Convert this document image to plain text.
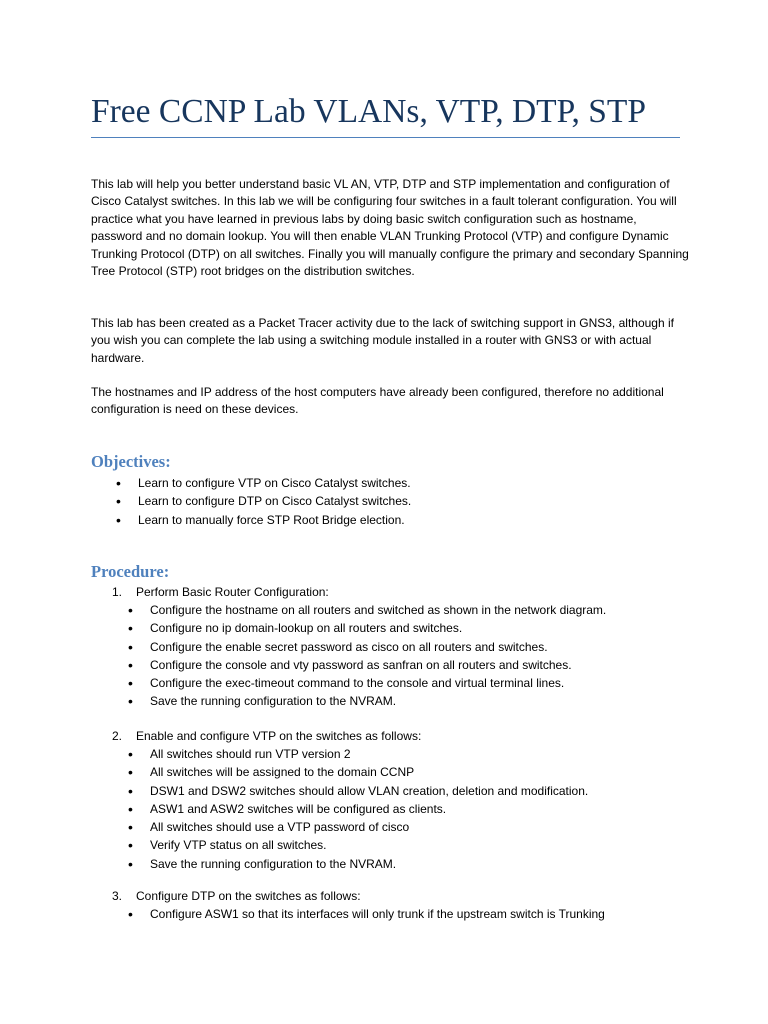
Free CCNP Lab VLANs, VTP, DTP, STP

This lab will help you better understand basic VL AN, VTP, DTP and STP implementation and configuration of Cisco Catalyst switches. In this lab we will be configuring four switches in a fault tolerant configuration. You will practice what you have learned in previous labs by doing basic switch configuration such as hostname, password and no domain lookup. You will then enable VLAN Trunking Protocol (VTP) and configure Dynamic Trunking Protocol (DTP) on all switches. Finally you will manually configure the primary and secondary Spanning Tree Protocol (STP) root bridges on the distribution switches.

This lab has been created as a Packet Tracer activity due to the lack of switching support in GNS3, although if you wish you can complete the lab using a switching module installed in a router with GNS3 or with actual hardware.

The hostnames and IP address of the host computers have already been configured, therefore no additional configuration is need on these devices.

Objectives:
• Learn to configure VTP on Cisco Catalyst switches.
• Learn to configure DTP on Cisco Catalyst switches.
• Learn to manually force STP Root Bridge election.
Procedure:
1. Perform Basic Router Configuration:
• Configure the hostname on all routers and switched as shown in the network diagram.
• Configure no ip domain-lookup on all routers and switches.
• Configure the enable secret password as cisco on all routers and switches.
• Configure the console and vty password as sanfran on all routers and switches.
• Configure the exec-timeout command to the console and virtual terminal lines.
• Save the running configuration to the NVRAM.
2. Enable and configure VTP on the switches as follows:
• All switches should run VTP version 2
• All switches will be assigned to the domain CCNP
• DSW1 and DSW2 switches should allow VLAN creation, deletion and modification.
• ASW1 and ASW2 switches will be configured as clients.
• All switches should use a VTP password of cisco
• Verify VTP status on all switches.
• Save the running configuration to the NVRAM.
3. Configure DTP on the switches as follows:
• Configure ASW1 so that its interfaces will only trunk if the upstream switch is Trunking
